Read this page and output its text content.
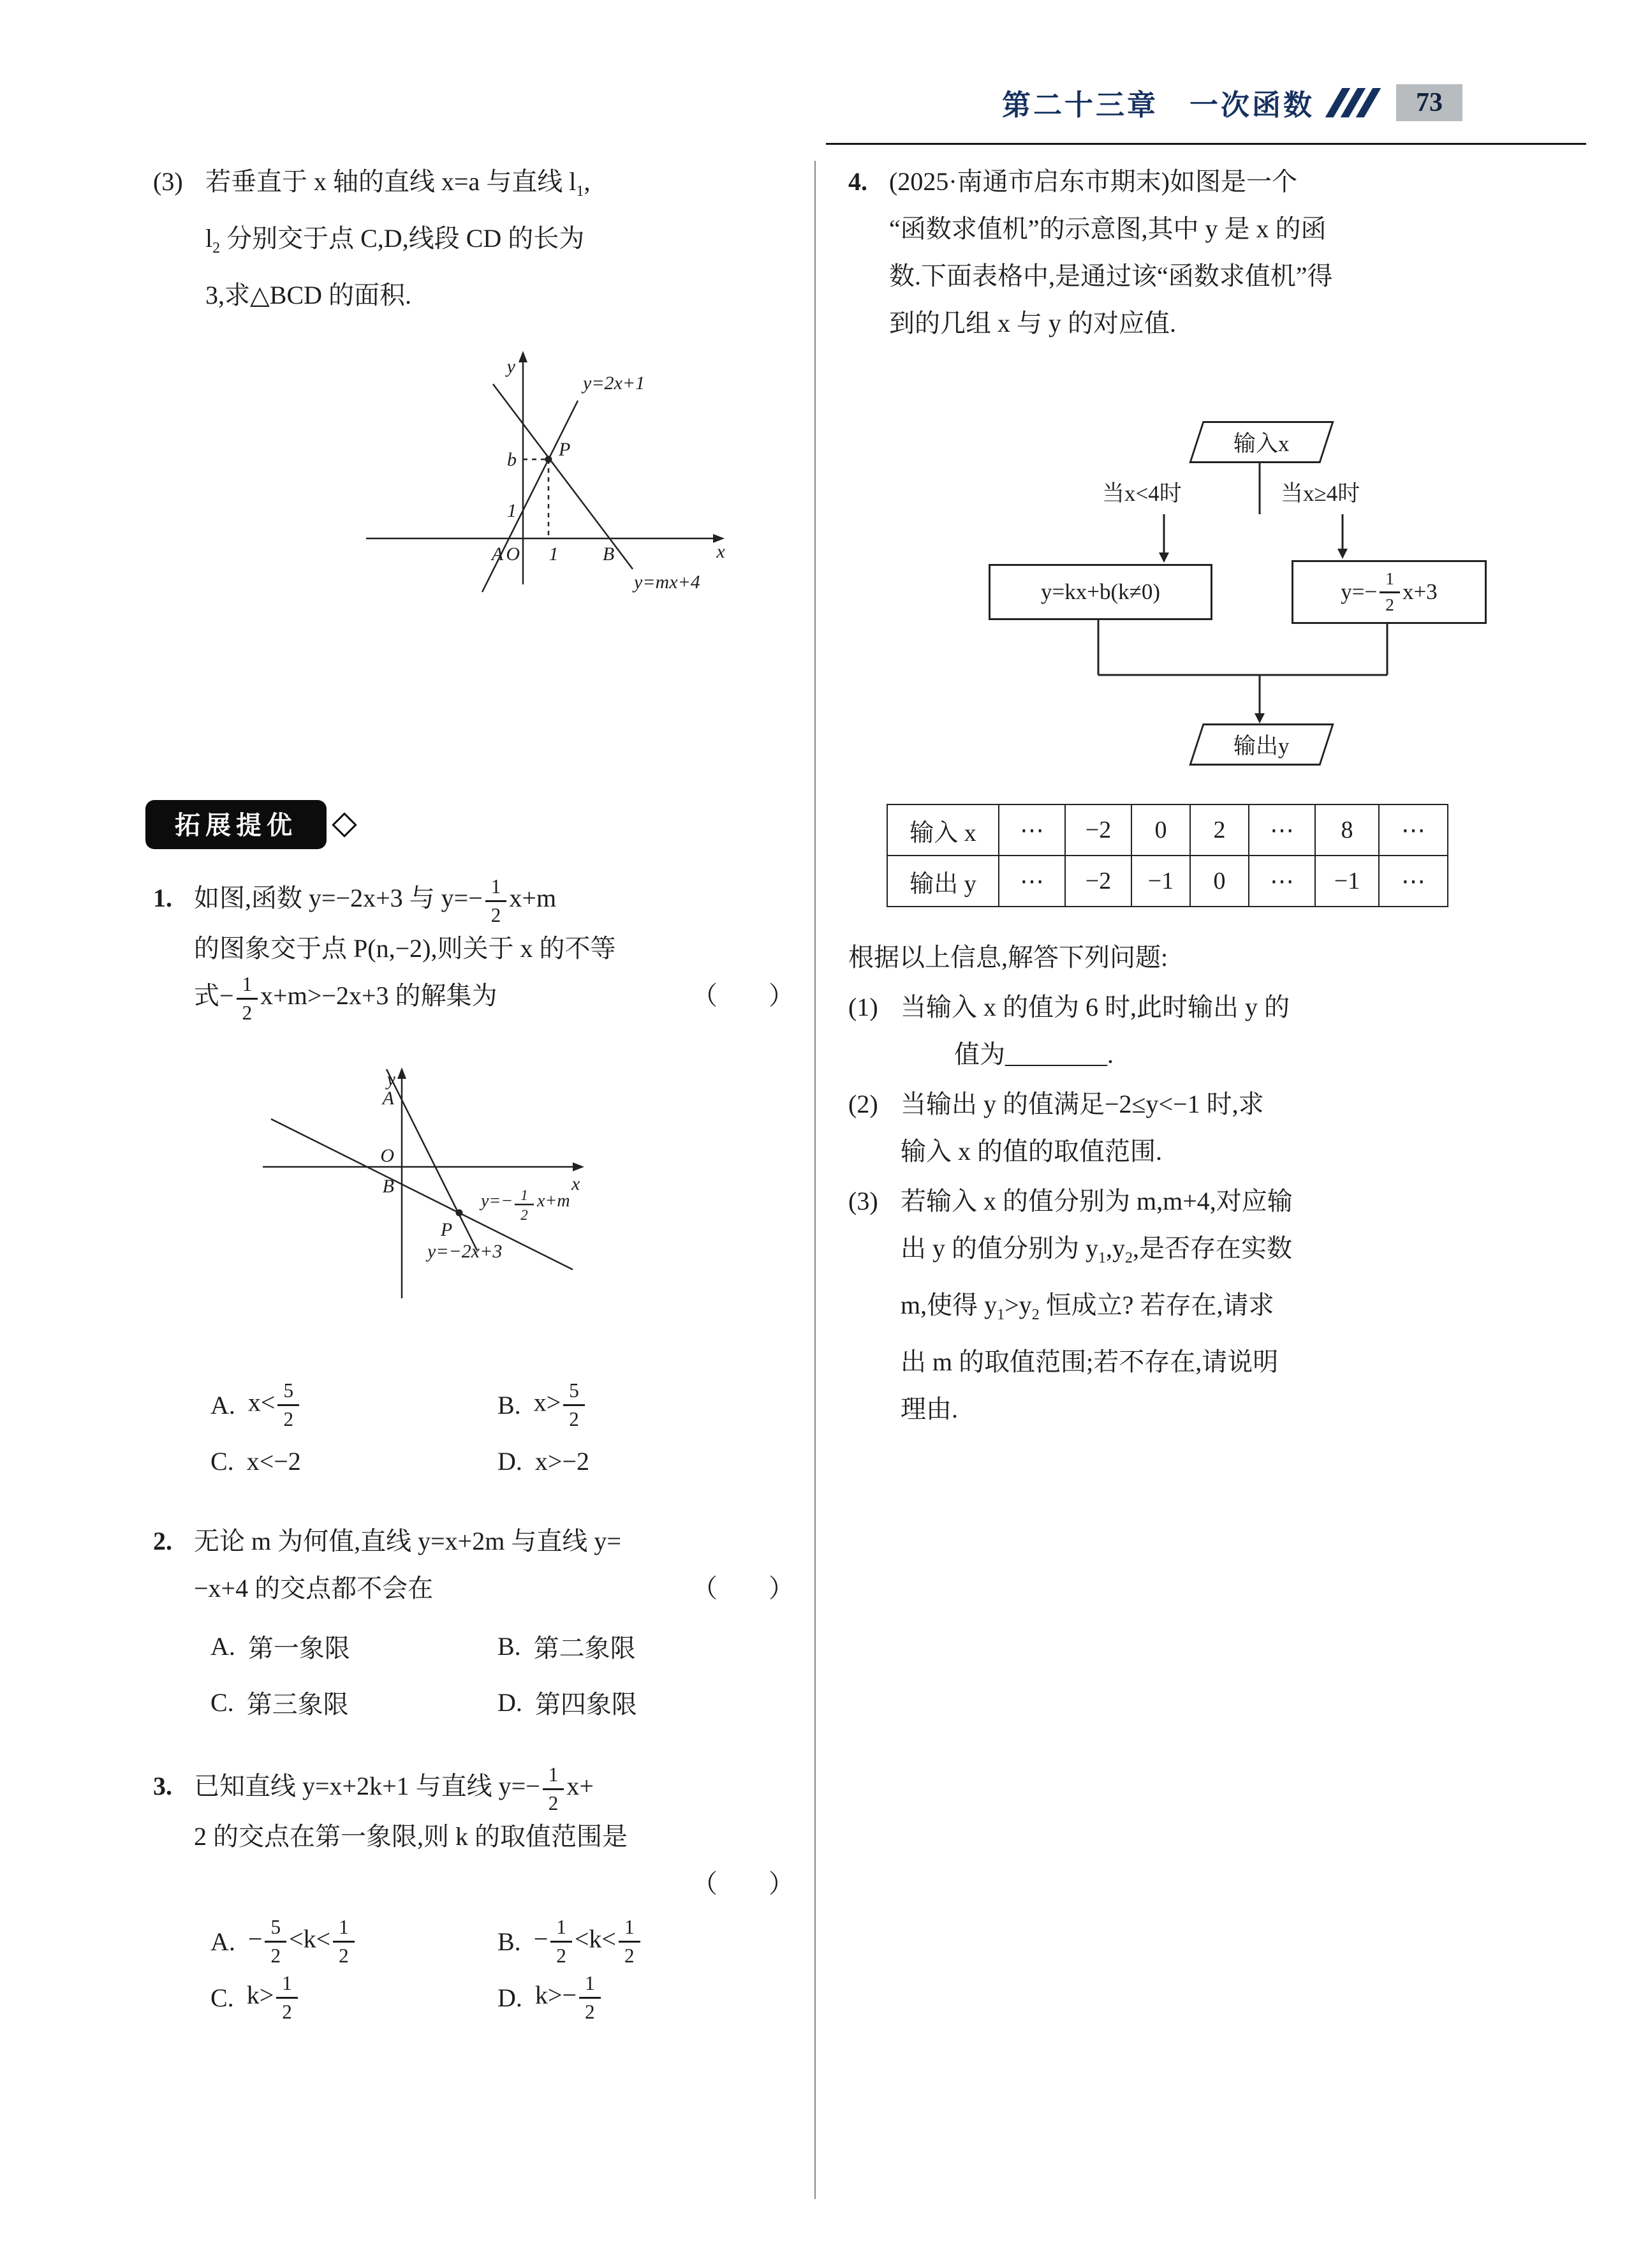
第二十三章　一次函数	73
(3) 若垂直于 x 轴的直线 x=a 与直线 $l_1$,
$l_2$ 分别交于点 C,D,线段 CD 的长为
3,求△BCD 的面积.
y
y=2x+1
P
b
1
A O 1 B	x
y=mx+4
拓展提优
1. 如图,函数 y=−2x+3 与 $y=- \frac{1}{2} x+m$
的图象交于点 P(n,−2),则关于 x 的不等
式− $\frac{1}{2} x+m>-2x+3$ 的解集为	（　　）
y
A
O
B
P
x
y=− 1
2
x+m
y=−2x+3
A. $x< \frac{5}{2}$	B. $x> \frac{5}{2}$
C. x<−2	D. x>−2
2. 无论 m 为何值,直线 y=x+2m 与直线 y=
−x+4 的交点都不会在	（　　）
A. 第一象限	B. 第二象限
C. 第三象限	D. 第四象限
3. 已知直线 y=x+2k+1 与直线 $y=- \frac{1}{2} x+$
2 的交点在第一象限,则 k 的取值范围是
（　　）
A. − $\frac{5}{2} <k< \frac{1}{2}$	B. − $\frac{1}{2} <k< \frac{1}{2}$
C. $k> \frac{1}{2}$	D. $k>- \frac{1}{2}$
4. (2025·南通市启东市期末)如图是一个
“函数求值机”的示意图,其中 y 是 x 的函
数.下面表格中,是通过该“函数求值机”得
到的几组 x 与 y 的对应值.
输入x
当x<4时	当x≥4时
y=kx+b(k≠0)	$y=- \frac{1}{2} x+3$
输出y
输入 x	⋯	−2	0	2	⋯	8	⋯
输出 y	⋯	−2	−1	0	⋯	−1	⋯
根据以上信息,解答下列问题:
(1) 当输入 x 的值为 6 时,此时输出 y 的
值为________.
(2) 当输出 y 的值满足−2≤y<−1 时,求
输入 x 的值的取值范围.
(3) 若输入 x 的值分别为 m,m+4,对应输
出 y 的值分别为 $y_1,y_2$,是否存在实数
m,使得 $y_1>y_2$ 恒成立? 若存在,请求
出 m 的取值范围;若不存在,请说明
理由.
